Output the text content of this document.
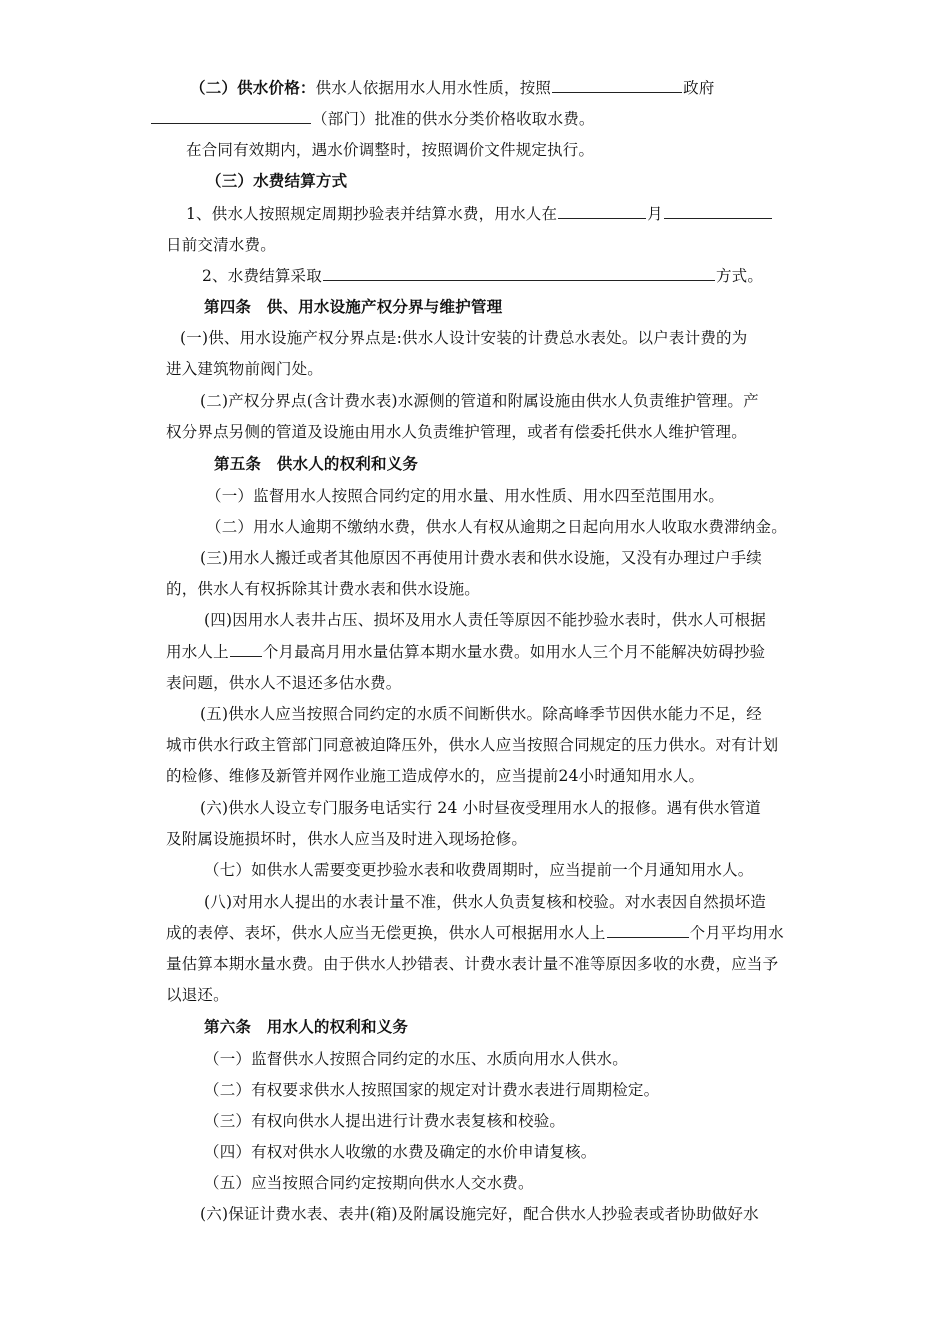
（二）供水价格：供水人依据用水人用水性质，按照	政府
（部门）批准的供水分类价格收取水费。
在合同有效期内，遇水价调整时，按照调价文件规定执行。
（三）水费结算方式
1、供水人按照规定周期抄验表并结算水费，用水人在	月
日前交清水费。
2、水费结算采取	方式。
第四条　供、用水设施产权分界与维护管理
(一)供、用水设施产权分界点是:供水人设计安装的计费总水表处。以户表计费的为
进入建筑物前阀门处。
(二)产权分界点(含计费水表)水源侧的管道和附属设施由供水人负责维护管理。产
权分界点另侧的管道及设施由用水人负责维护管理，或者有偿委托供水人维护管理。
第五条　供水人的权利和义务
（一）监督用水人按照合同约定的用水量、用水性质、用水四至范围用水。
（二）用水人逾期不缴纳水费，供水人有权从逾期之日起向用水人收取水费滞纳金。
(三)用水人搬迁或者其他原因不再使用计费水表和供水设施，又没有办理过户手续
的，供水人有权拆除其计费水表和供水设施。
(四)因用水人表井占压、损坏及用水人责任等原因不能抄验水表时，供水人可根据
用水人上 个月最高月用水量估算本期水量水费。如用水人三个月不能解决妨碍抄验
表问题，供水人不退还多估水费。
(五)供水人应当按照合同约定的水质不间断供水。除高峰季节因供水能力不足，经
城市供水行政主管部门同意被迫降压外，供水人应当按照合同规定的压力供水。对有计划
的检修、维修及新管并网作业施工造成停水的，应当提前24小时通知用水人。
(六)供水人设立专门服务电话实行 24 小时昼夜受理用水人的报修。遇有供水管道
及附属设施损坏时，供水人应当及时进入现场抢修。
（七）如供水人需要变更抄验水表和收费周期时，应当提前一个月通知用水人。
(八)对用水人提出的水表计量不准，供水人负责复核和校验。对水表因自然损坏造
成的表停、表坏，供水人应当无偿更换，供水人可根据用水人上	个月平均用水
量估算本期水量水费。由于供水人抄错表、计费水表计量不准等原因多收的水费，应当予
以退还。
第六条　用水人的权利和义务
（一）监督供水人按照合同约定的水压、水质向用水人供水。
（二）有权要求供水人按照国家的规定对计费水表进行周期检定。
（三）有权向供水人提出进行计费水表复核和校验。
（四）有权对供水人收缴的水费及确定的水价申请复核。
（五）应当按照合同约定按期向供水人交水费。
(六)保证计费水表、表井(箱)及附属设施完好，配合供水人抄验表或者协助做好水
